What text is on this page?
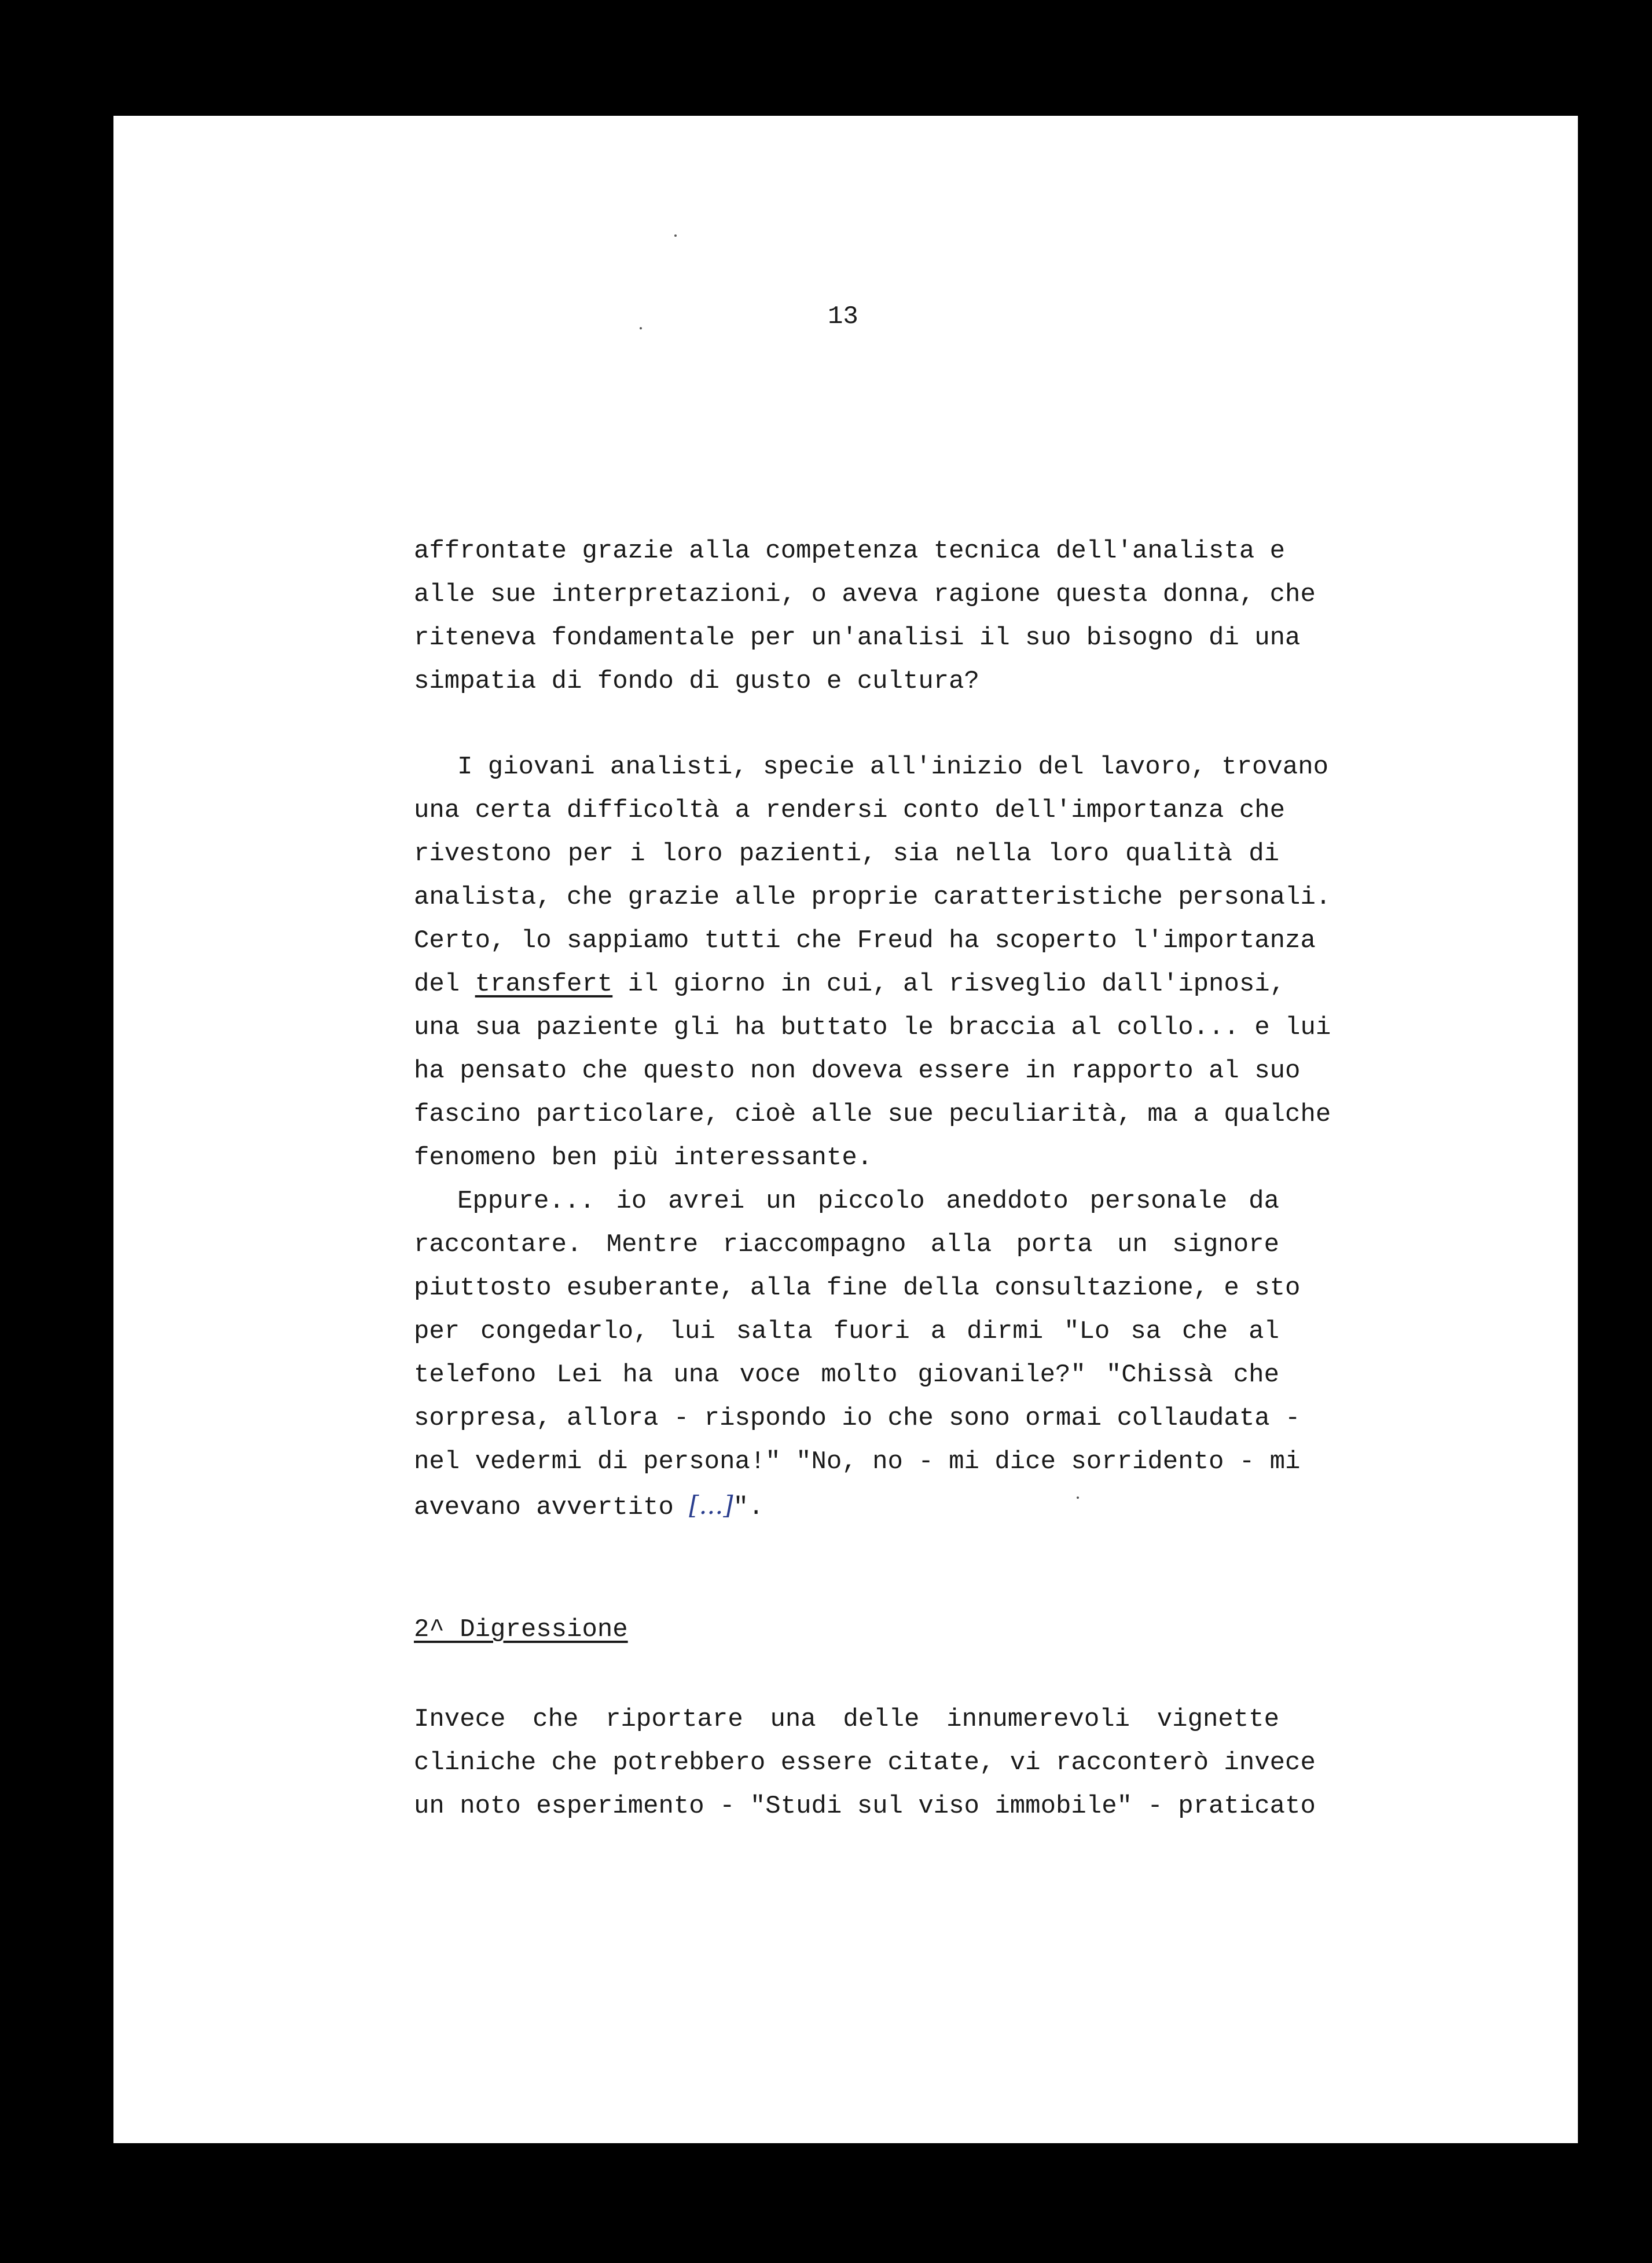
13
affrontate grazie alla competenza tecnica dell'analista e
alle sue interpretazioni, o aveva ragione questa donna, che
riteneva fondamentale per un'analisi il suo bisogno di una
simpatia di fondo di gusto e cultura?
I giovani analisti, specie all'inizio del lavoro, trovano
una certa difficoltà a rendersi conto dell'importanza che
rivestono per i loro pazienti, sia nella loro qualità di
analista, che grazie alle proprie caratteristiche personali.
Certo, lo sappiamo tutti che Freud ha scoperto l'importanza
del transfert il giorno in cui, al risveglio dall'ipnosi,
una sua paziente gli ha buttato le braccia al collo... e lui
ha pensato che questo non doveva essere in rapporto al suo
fascino particolare, cioè alle sue peculiarità, ma a qualche
fenomeno ben più interessante.
Eppure... io avrei un piccolo aneddoto personale da
raccontare. Mentre riaccompagno alla porta un signore
piuttosto esuberante, alla fine della consultazione, e sto
per congedarlo, lui salta fuori a dirmi "Lo sa che al
telefono Lei ha una voce molto giovanile?" "Chissà che
sorpresa, allora - rispondo io che sono ormai collaudata -
nel vedermi di persona!" "No, no - mi dice sorridento - mi
avevano avvertito [...]".
2^ Digressione
Invece che riportare una delle innumerevoli vignette
cliniche che potrebbero essere citate, vi racconterò invece
un noto esperimento - "Studi sul viso immobile" - praticato
